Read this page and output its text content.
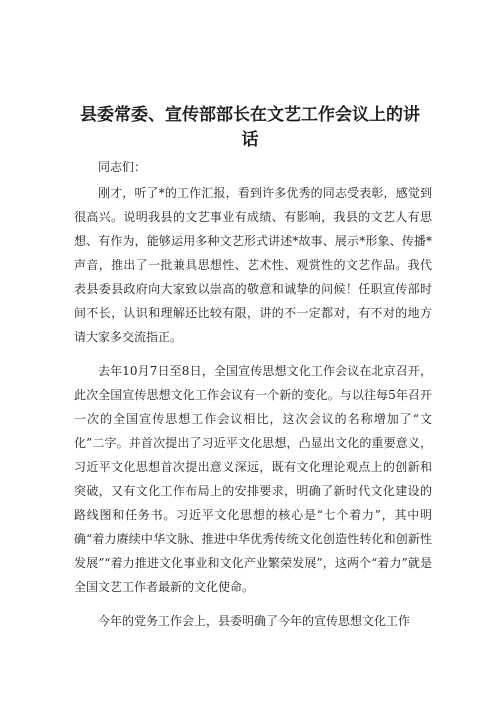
县委常委、宣传部部长在文艺工作会议上的讲话

同志们：

刚才，听了*的工作汇报，看到许多优秀的同志受表彰，感觉到很高兴。说明我县的文艺事业有成绩、有影响，我县的文艺人有思想、有作为，能够运用多种文艺形式讲述*故事、展示*形象、传播*声音，推出了一批兼具思想性、艺术性、观赏性的文艺作品。我代表县委县政府向大家致以崇高的敬意和诚挚的问候！任职宣传部时间不长，认识和理解还比较有限，讲的不一定都对，有不对的地方请大家多交流指正。

去年10月7日至8日，全国宣传思想文化工作会议在北京召开，此次全国宣传思想文化工作会议有一个新的变化。与以往每5年召开一次的全国宣传思想工作会议相比，这次会议的名称增加了“文化”二字。并首次提出了习近平文化思想，凸显出文化的重要意义，习近平文化思想首次提出意义深远，既有文化理论观点上的创新和突破，又有文化工作布局上的安排要求，明确了新时代文化建设的路线图和任务书。习近平文化思想的核心是“七个着力”，其中明确“着力赓续中华文脉、推进中华优秀传统文化创造性转化和创新性发展”“着力推进文化事业和文化产业繁荣发展”，这两个“着力”就是全国文艺工作者最新的文化使命。

今年的党务工作会上，县委明确了今年的宣传思想文化工作
